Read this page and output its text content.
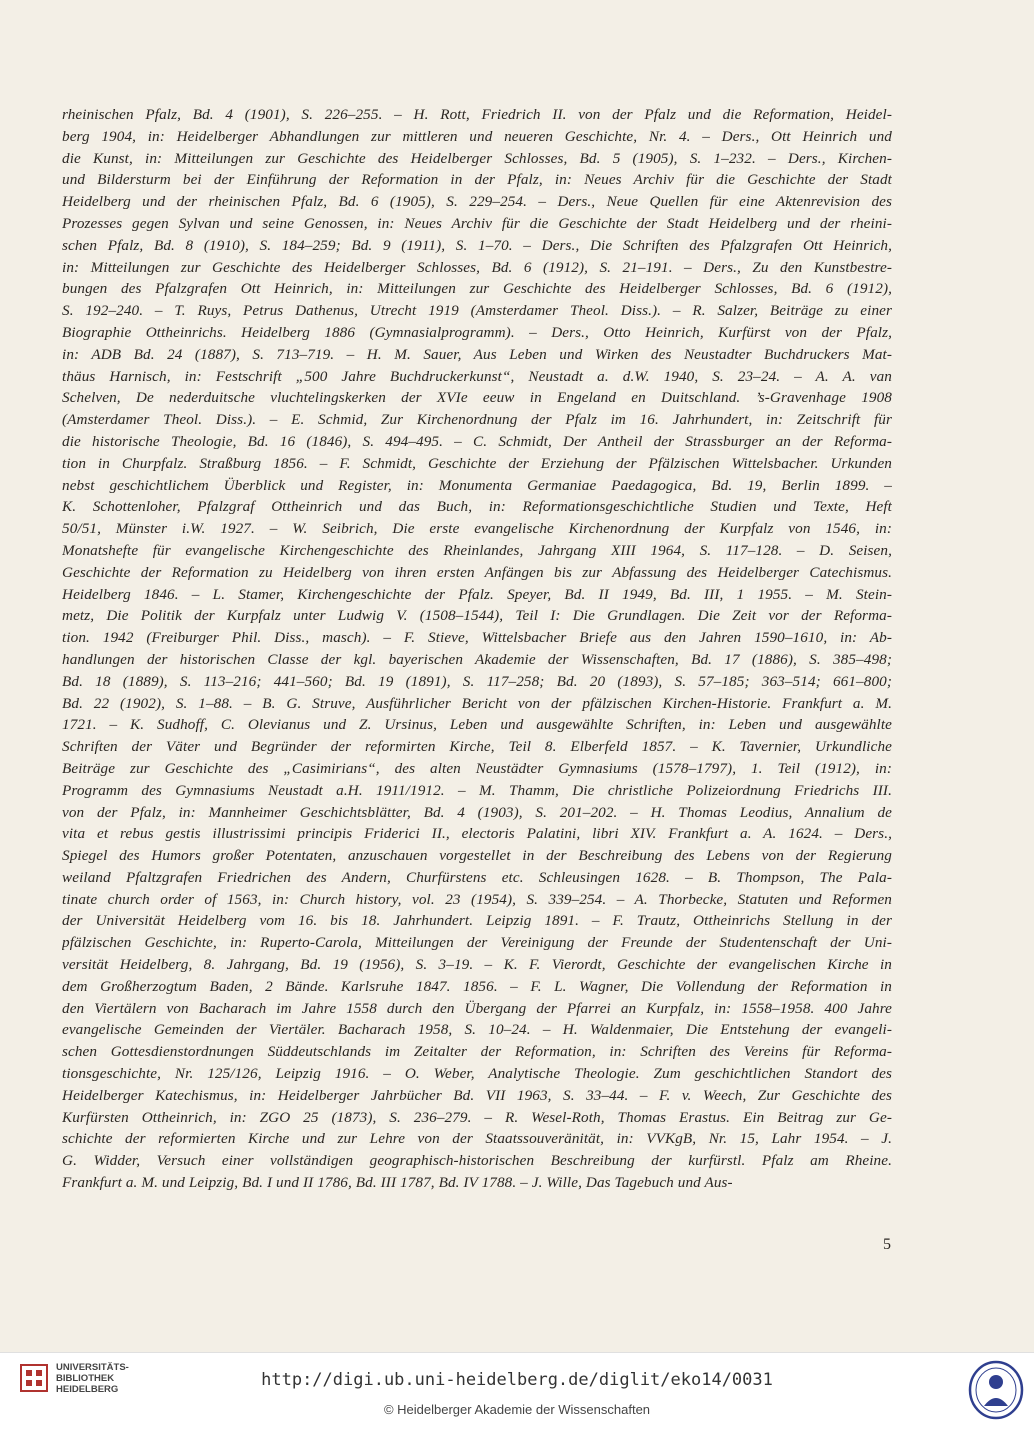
rheinischen Pfalz, Bd. 4 (1901), S. 226–255. – H. Rott, Friedrich II. von der Pfalz und die Reformation, Heidel-
berg 1904, in: Heidelberger Abhandlungen zur mittleren und neueren Geschichte, Nr. 4. – Ders., Ott Heinrich und
die Kunst, in: Mitteilungen zur Geschichte des Heidelberger Schlosses, Bd. 5 (1905), S. 1–232. – Ders., Kirchen-
und Bildersturm bei der Einführung der Reformation in der Pfalz, in: Neues Archiv für die Geschichte der Stadt
Heidelberg und der rheinischen Pfalz, Bd. 6 (1905), S. 229–254. – Ders., Neue Quellen für eine Aktenrevision des
Prozesses gegen Sylvan und seine Genossen, in: Neues Archiv für die Geschichte der Stadt Heidelberg und der rheini-
schen Pfalz, Bd. 8 (1910), S. 184–259; Bd. 9 (1911), S. 1–70. – Ders., Die Schriften des Pfalzgrafen Ott Heinrich,
in: Mitteilungen zur Geschichte des Heidelberger Schlosses, Bd. 6 (1912), S. 21–191. – Ders., Zu den Kunstbestre-
bungen des Pfalzgrafen Ott Heinrich, in: Mitteilungen zur Geschichte des Heidelberger Schlosses, Bd. 6 (1912),
S. 192–240. – T. Ruys, Petrus Dathenus, Utrecht 1919 (Amsterdamer Theol. Diss.). – R. Salzer, Beiträge zu einer
Biographie Ottheinrichs. Heidelberg 1886 (Gymnasialprogramm). – Ders., Otto Heinrich, Kurfürst von der Pfalz,
in: ADB Bd. 24 (1887), S. 713–719. – H. M. Sauer, Aus Leben und Wirken des Neustadter Buchdruckers Mat-
thäus Harnisch, in: Festschrift „500 Jahre Buchdruckerkunst“, Neustadt a. d.W. 1940, S. 23–24. – A. A. van
Schelven, De nederduitsche vluchtelingskerken der XVIe eeuw in Engeland en Duitschland. ’s-Gravenhage 1908
(Amsterdamer Theol. Diss.). – E. Schmid, Zur Kirchenordnung der Pfalz im 16. Jahrhundert, in: Zeitschrift für
die historische Theologie, Bd. 16 (1846), S. 494–495. – C. Schmidt, Der Antheil der Strassburger an der Reforma-
tion in Churpfalz. Straßburg 1856. – F. Schmidt, Geschichte der Erziehung der Pfälzischen Wittelsbacher. Urkunden
nebst geschichtlichem Überblick und Register, in: Monumenta Germaniae Paedagogica, Bd. 19, Berlin 1899. –
K. Schottenloher, Pfalzgraf Ottheinrich und das Buch, in: Reformationsgeschichtliche Studien und Texte, Heft
50/51, Münster i.W. 1927. – W. Seibrich, Die erste evangelische Kirchenordnung der Kurpfalz von 1546, in:
Monatshefte für evangelische Kirchengeschichte des Rheinlandes, Jahrgang XIII 1964, S. 117–128. – D. Seisen,
Geschichte der Reformation zu Heidelberg von ihren ersten Anfängen bis zur Abfassung des Heidelberger Catechismus.
Heidelberg 1846. – L. Stamer, Kirchengeschichte der Pfalz. Speyer, Bd. II 1949, Bd. III, 1 1955. – M. Stein-
metz, Die Politik der Kurpfalz unter Ludwig V. (1508–1544), Teil I: Die Grundlagen. Die Zeit vor der Reforma-
tion. 1942 (Freiburger Phil. Diss., masch). – F. Stieve, Wittelsbacher Briefe aus den Jahren 1590–1610, in: Ab-
handlungen der historischen Classe der kgl. bayerischen Akademie der Wissenschaften, Bd. 17 (1886), S. 385–498;
Bd. 18 (1889), S. 113–216; 441–560; Bd. 19 (1891), S. 117–258; Bd. 20 (1893), S. 57–185; 363–514; 661–800;
Bd. 22 (1902), S. 1–88. – B. G. Struve, Ausführlicher Bericht von der pfälzischen Kirchen-Historie. Frankfurt a. M.
1721. – K. Sudhoff, C. Olevianus und Z. Ursinus, Leben und ausgewählte Schriften, in: Leben und ausgewählte
Schriften der Väter und Begründer der reformirten Kirche, Teil 8. Elberfeld 1857. – K. Tavernier, Urkundliche
Beiträge zur Geschichte des „Casimirians“, des alten Neustädter Gymnasiums (1578–1797), 1. Teil (1912), in:
Programm des Gymnasiums Neustadt a.H. 1911/1912. – M. Thamm, Die christliche Polizeiordnung Friedrichs III.
von der Pfalz, in: Mannheimer Geschichtsblätter, Bd. 4 (1903), S. 201–202. – H. Thomas Leodius, Annalium de
vita et rebus gestis illustrissimi principis Friderici II., electoris Palatini, libri XIV. Frankfurt a. A. 1624. – Ders.,
Spiegel des Humors großer Potentaten, anzuschauen vorgestellet in der Beschreibung des Lebens von der Regierung
weiland Pfaltzgrafen Friedrichen des Andern, Churfürstens etc. Schleusingen 1628. – B. Thompson, The Pala-
tinate church order of 1563, in: Church history, vol. 23 (1954), S. 339–254. – A. Thorbecke, Statuten und Reformen
der Universität Heidelberg vom 16. bis 18. Jahrhundert. Leipzig 1891. – F. Trautz, Ottheinrichs Stellung in der
pfälzischen Geschichte, in: Ruperto-Carola, Mitteilungen der Vereinigung der Freunde der Studentenschaft der Uni-
versität Heidelberg, 8. Jahrgang, Bd. 19 (1956), S. 3–19. – K. F. Vierordt, Geschichte der evangelischen Kirche in
dem Großherzogtum Baden, 2 Bände. Karlsruhe 1847. 1856. – F. L. Wagner, Die Vollendung der Reformation in
den Viertälern von Bacharach im Jahre 1558 durch den Übergang der Pfarrei an Kurpfalz, in: 1558–1958. 400 Jahre
evangelische Gemeinden der Viertäler. Bacharach 1958, S. 10–24. – H. Waldenmaier, Die Entstehung der evangeli-
schen Gottesdienstordnungen Süddeutschlands im Zeitalter der Reformation, in: Schriften des Vereins für Reforma-
tionsgeschichte, Nr. 125/126, Leipzig 1916. – O. Weber, Analytische Theologie. Zum geschichtlichen Standort des
Heidelberger Katechismus, in: Heidelberger Jahrbücher Bd. VII 1963, S. 33–44. – F. v. Weech, Zur Geschichte des
Kurfürsten Ottheinrich, in: ZGO 25 (1873), S. 236–279. – R. Wesel-Roth, Thomas Erastus. Ein Beitrag zur Ge-
schichte der reformierten Kirche und zur Lehre von der Staatssouveränität, in: VVKgB, Nr. 15, Lahr 1954. – J.
G. Widder, Versuch einer vollständigen geographisch-historischen Beschreibung der kurfürstl. Pfalz am Rheine.
Frankfurt a. M. und Leipzig, Bd. I und II 1786, Bd. III 1787, Bd. IV 1788. – J. Wille, Das Tagebuch und Aus-
5
UNIVERSITÄTS-
BIBLIOTHEK
HEIDELBERG	http://digi.ub.uni-heidelberg.de/diglit/eko14/0031
© Heidelberger Akademie der Wissenschaften
